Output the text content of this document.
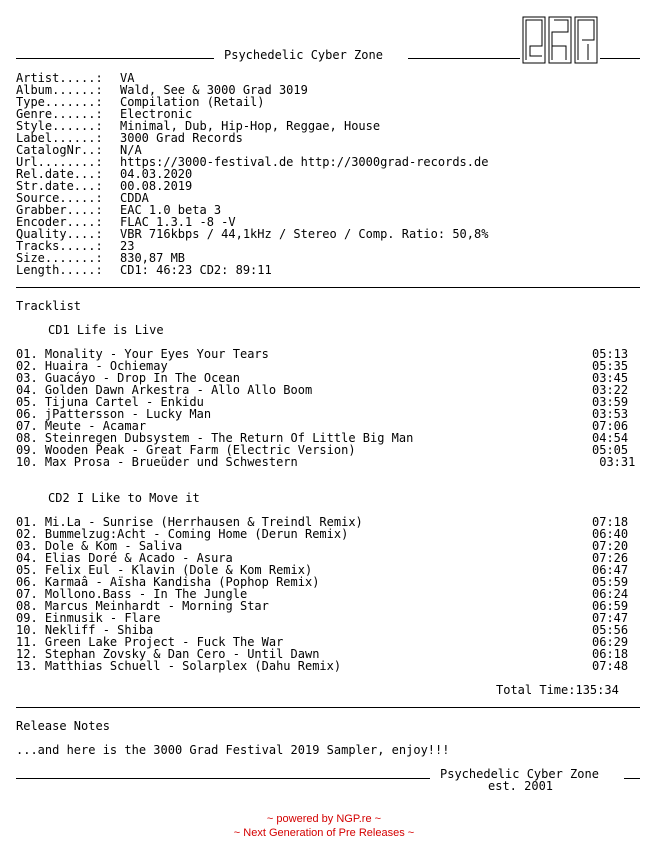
Psychedelic Cyber Zone
Artist.....: VA
Album......: Wald, See & 3000 Grad 3019
Type.......: Compilation (Retail)
Genre......: Electronic
Style......: Minimal, Dub, Hip-Hop, Reggae, House
Label......: 3000 Grad Records
CatalogNr..: N/A
Url........: https://3000-festival.de http://3000grad-records.de
Rel.date...: 04.03.2020
Str.date...: 00.08.2019
Source.....: CDDA
Grabber....: EAC 1.0 beta 3
Encoder....: FLAC 1.3.1 -8 -V
Quality....: VBR 716kbps / 44,1kHz / Stereo / Comp. Ratio: 50,8%
Tracks.....: 23
Size.......: 830,87 MB
Length.....: CD1: 46:23 CD2: 89:11
Tracklist
CD1 Life is Live
01. Monality - Your Eyes Your Tears	05:13
02. Huaira - Ochiemay	05:35
03. Guacáyo - Drop In The Ocean	03:45
04. Golden Dawn Arkestra - Allo Allo Boom	03:22
05. Tijuna Cartel - Enkidu	03:59
06. jPattersson - Lucky Man	03:53
07. Meute - Acamar	07:06
08. Steinregen Dubsystem - The Return Of Little Big Man	04:54
09. Wooden Peak - Great Farm (Electric Version)	05:05
10. Max Prosa - Brueüder und Schwestern	03:31
CD2 I Like to Move it
01. Mi.La - Sunrise (Herrhausen & Treindl Remix)	07:18
02. Bummelzug:Acht - Coming Home (Derun Remix)	06:40
03. Dole & Kom - Saliva	07:20
04. Elias Doré & Acado - Asura	07:26
05. Felix Eul - Klavin (Dole & Kom Remix)	06:47
06. Karmaâ - Aïsha Kandisha (Pophop Remix)	05:59
07. Mollono.Bass - In The Jungle	06:24
08. Marcus Meinhardt - Morning Star	06:59
09. Einmusik - Flare	07:47
10. Nekliff - Shiba	05:56
11. Green Lake Project - Fuck The War	06:29
12. Stephan Zovsky & Dan Cero - Until Dawn	06:18
13. Matthias Schuell - Solarplex (Dahu Remix)	07:48
Total Time:135:34
Release Notes
...and here is the 3000 Grad Festival 2019 Sampler, enjoy!!!
Psychedelic Cyber Zone
est. 2001
~ powered by NGP.re ~
~ Next Generation of Pre Releases ~
